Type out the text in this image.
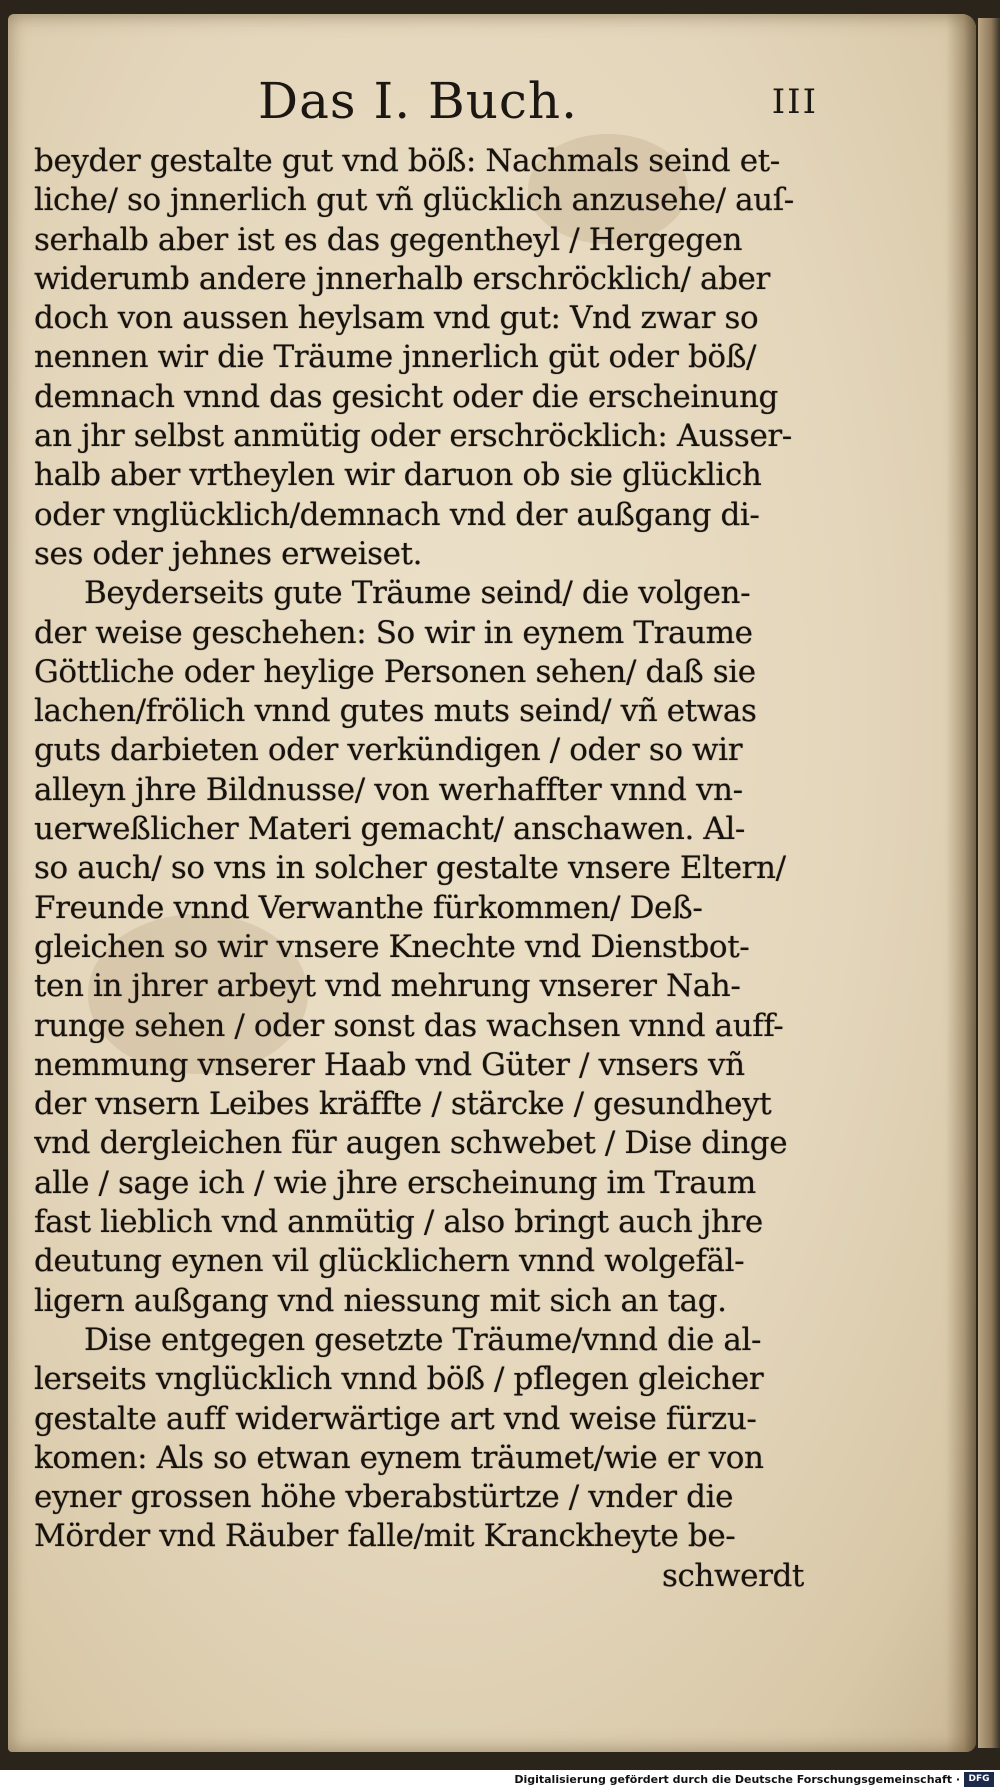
Das I. Buch.	III
beyder gestalte gut vnd böß: Nachmals seind et-
liche/ so jnnerlich gut vñ glücklich anzusehe/ auſ-
serhalb aber ist es das gegentheyl / Hergegen
widerumb andere jnnerhalb erschröcklich/ aber
doch von aussen heylsam vnd gut: Vnd zwar so
nennen wir die Träume jnnerlich güt oder böß/
demnach vnnd das gesicht oder die erscheinung
an jhr selbst anmütig oder erschröcklich: Ausser-
halb aber vrtheylen wir daruon ob sie glücklich
oder vnglücklich/demnach vnd der außgang di-
ses oder jehnes erweiset.
Beyderseits gute Träume seind/ die volgen-
der weise geschehen: So wir in eynem Traume
Göttliche oder heylige Personen sehen/ daß sie
lachen/frölich vnnd gutes muts seind/ vñ etwas
guts darbieten oder verkündigen / oder so wir
alleyn jhre Bildnusse/ von werhaffter vnnd vn-
uerweßlicher Materi gemacht/ anschawen. Al-
so auch/ so vns in solcher gestalte vnsere Eltern/
Freunde vnnd Verwanthe fürkommen/ Deß-
gleichen so wir vnsere Knechte vnd Dienstbot-
ten in jhrer arbeyt vnd mehrung vnserer Nah-
runge sehen / oder sonst das wachsen vnnd auff-
nemmung vnserer Haab vnd Güter / vnsers vñ
der vnsern Leibes kräffte / stärcke / gesundheyt
vnd dergleichen für augen schwebet / Dise dinge
alle / sage ich / wie jhre erscheinung im Traum
fast lieblich vnd anmütig / also bringt auch jhre
deutung eynen vil glücklichern vnnd wolgefäl-
ligern außgang vnd niessung mit sich an tag.
Dise entgegen gesetzte Träume/vnnd die al-
lerseits vnglücklich vnnd böß / pflegen gleicher
gestalte auff widerwärtige art vnd weise fürzu-
komen: Als so etwan eynem träumet/wie er von
eyner grossen höhe vberabstürtze / vnder die
Mörder vnd Räuber falle/mit Kranckheyte be-
schwerdt
Digitalisierung gefördert durch die Deutsche Forschungsgemeinschaft · DFG
